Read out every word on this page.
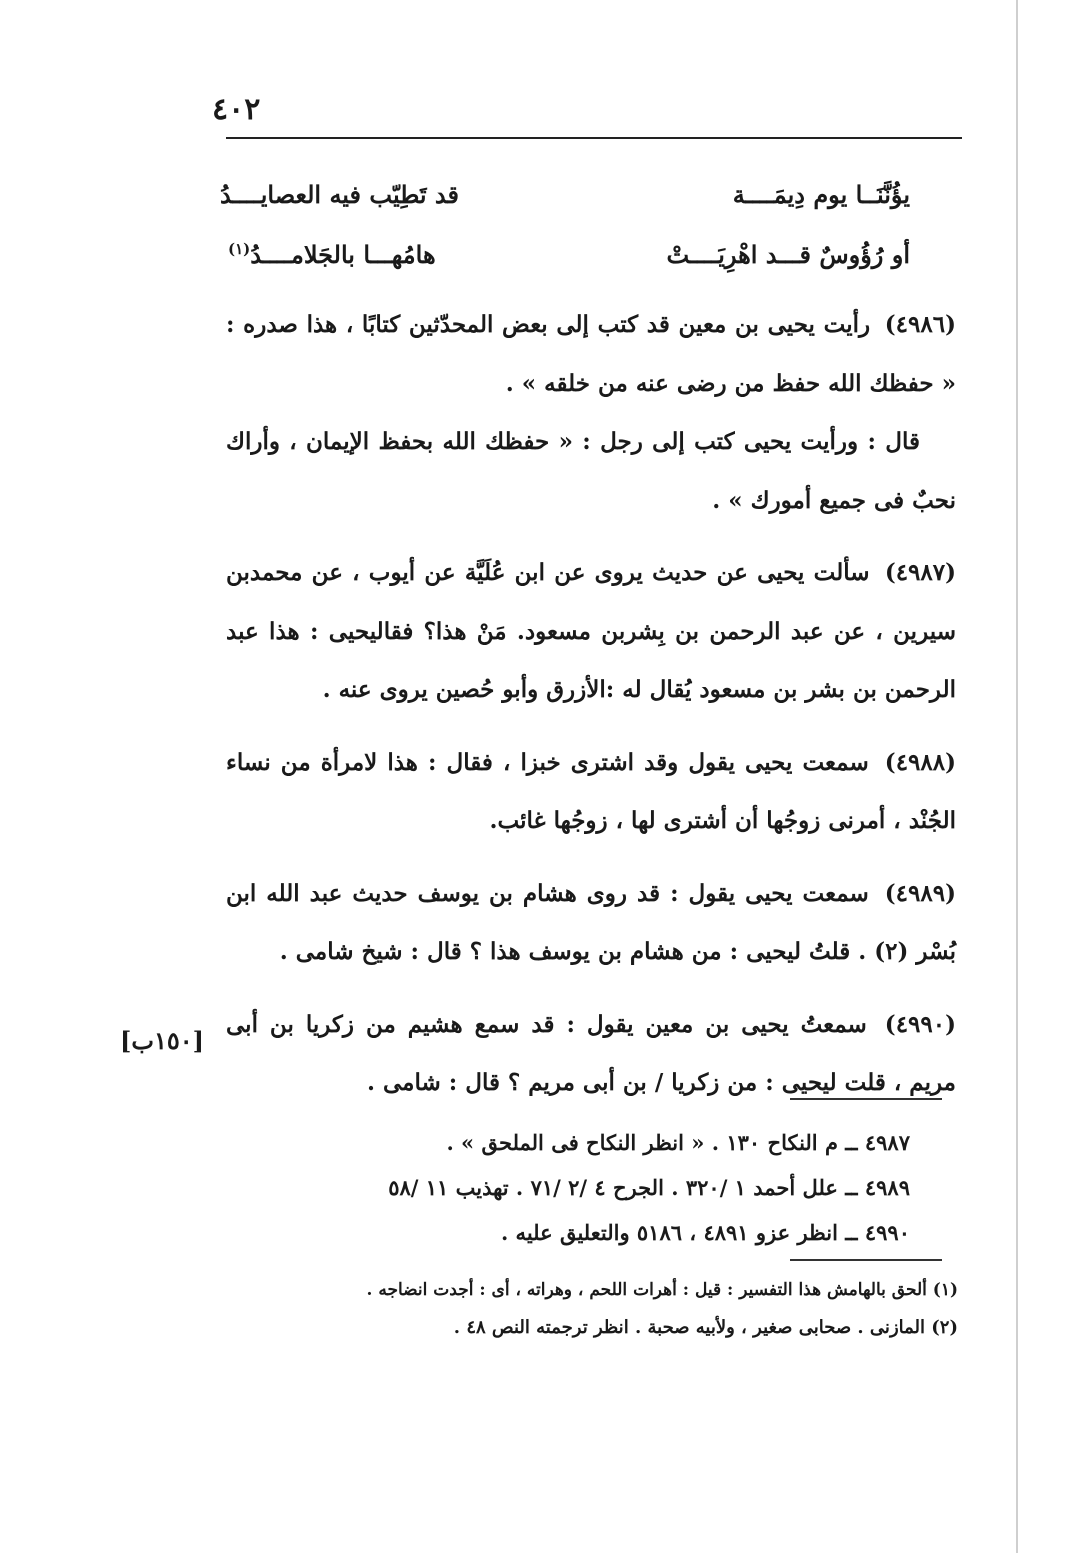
٤٠٢
يؤُنَّنَــا يوم دِيمَــــة
قد تَطِيّب فيه العصايــــدُ
أو رُؤُوسٌ قـــد اهْرِيَــــتْ
هامُهـــا بالجَلامــــدُ$^{(١)}$

(٤٩٨٦) رأيت يحيى بن معين قد كتب إلى بعض المحدّثين كتابًا ، هذا صدره : « حفظك الله حفظ من رضى عنه من خلقه » .

قال : ورأيت يحيى كتب إلى رجل : « حفظك الله بحفظ الإيمان ، وأراك نحبٌ فى جميع أمورك » .

(٤٩٨٧) سألت يحيى عن حديث يروى عن ابن عُلَيَّة عن أيوب ، عن محمدبن سيرين ، عن عبد الرحمن بن بِشربن مسعود. مَنْ هذا؟ فقاليحيى : هذا عبد الرحمن بن بشر بن مسعود يُقال له :الأزرق وأبو حُصين يروى عنه .

(٤٩٨٨) سمعت يحيى يقول وقد اشترى خبزا ، فقال : هذا لامرأة من نساء الجُنْد ، أمرنى زوجُها أن أشترى لها ، زوجُها غائب.

(٤٩٨٩) سمعت يحيى يقول : قد روى هشام بن يوسف حديث عبد الله ابن بُسْر (٢) . قلتُ ليحيى : من هشام بن يوسف هذا ؟ قال : شيخ شامى .

(٤٩٩٠) سمعتُ يحيى بن معين يقول : قد سمع هشيم من زكريا بن أبى مريم ، قلت ليحيى : من زكريا / بن أبى مريم ؟ قال : شامى .

[١٥٠ب]
٤٩٨٧ ــ م النكاح ١٣٠ . « انظر النكاح فى الملحق » .
٤٩٨٩ ــ علل أحمد ١ /٣٢٠ . الجرح ٤ /٢ /٧١ . تهذيب ١١ /٥٨
٤٩٩٠ ــ انظر عزو ٤٨٩١ ، ٥١٨٦ والتعليق عليه .

(١) ألحق بالهامش هذا التفسير : قيل : أهرات اللحم ، وهراته ، أى : أجدت انضاجه .

(٢) المازنى . صحابى صغير ، ولأبيه صحبة . انظر ترجمته النص ٤٨ .
